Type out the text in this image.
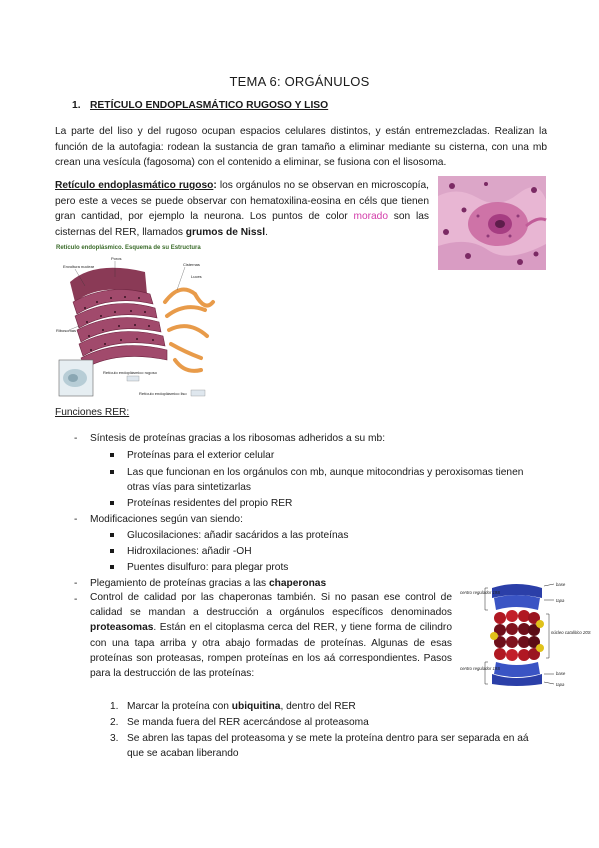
TEMA 6: ORGÁNULOS
1. RETÍCULO ENDOPLASMÁTICO RUGOSO Y LISO
La parte del liso y del rugoso ocupan espacios celulares distintos, y están entremezcladas. Realizan la función de la autofagia: rodean la sustancia de gran tamaño a eliminar mediante su cisterna, con una mb crean una vesícula (fagosoma) con el contenido a eliminar, se fusiona con el lisosoma.
Retículo endoplasmático rugoso: los orgánulos no se observan en microscopía, pero este a veces se puede observar con hematoxilina-eosina en céls que tienen gran cantidad, por ejemplo la neurona. Los puntos de color morado son las cisternas del RER, llamados grumos de Nissl.
Retículo endoplásmico. Esquema de su Estructura
Envoltura nuclear
Poros
Cisternas
Luces
Ribosomas
Retículo endoplásmico rugoso
Retículo endoplásmico liso
Funciones RER:
- Síntesis de proteínas gracias a los ribosomas adheridos a su mb:
Proteínas para el exterior celular
Las que funcionan en los orgánulos con mb, aunque mitocondrias y peroxisomas tienen otras vías para sintetizarlas
Proteínas residentes del propio RER
- Modificaciones según van siendo:
Glucosilaciones: añadir sacáridos a las proteínas
Hidroxilaciones: añadir -OH
Puentes disulfuro: para plegar prots
- Plegamiento de proteínas gracias a las chaperonas
- Control de calidad por las chaperonas también. Si no pasan ese control de calidad se mandan a destrucción a orgánulos específicos denominados proteasomas. Están en el citoplasma cerca del RER, y tiene forma de cilindro con una tapa arriba y otra abajo formadas de proteínas. Algunas de esas proteínas son proteasas, rompen proteínas en los aá correspondientes. Pasos para la destrucción de las proteínas:
base
tapa
centro regulador 19S
núcleo catalítico 20S
centro regulador 19S
base
tapa
1. Marcar la proteína con ubiquitina, dentro del RER
2. Se manda fuera del RER acercándose al proteasoma
3. Se abren las tapas del proteasoma y se mete la proteína dentro para ser separada en aá que se acaban liberando
